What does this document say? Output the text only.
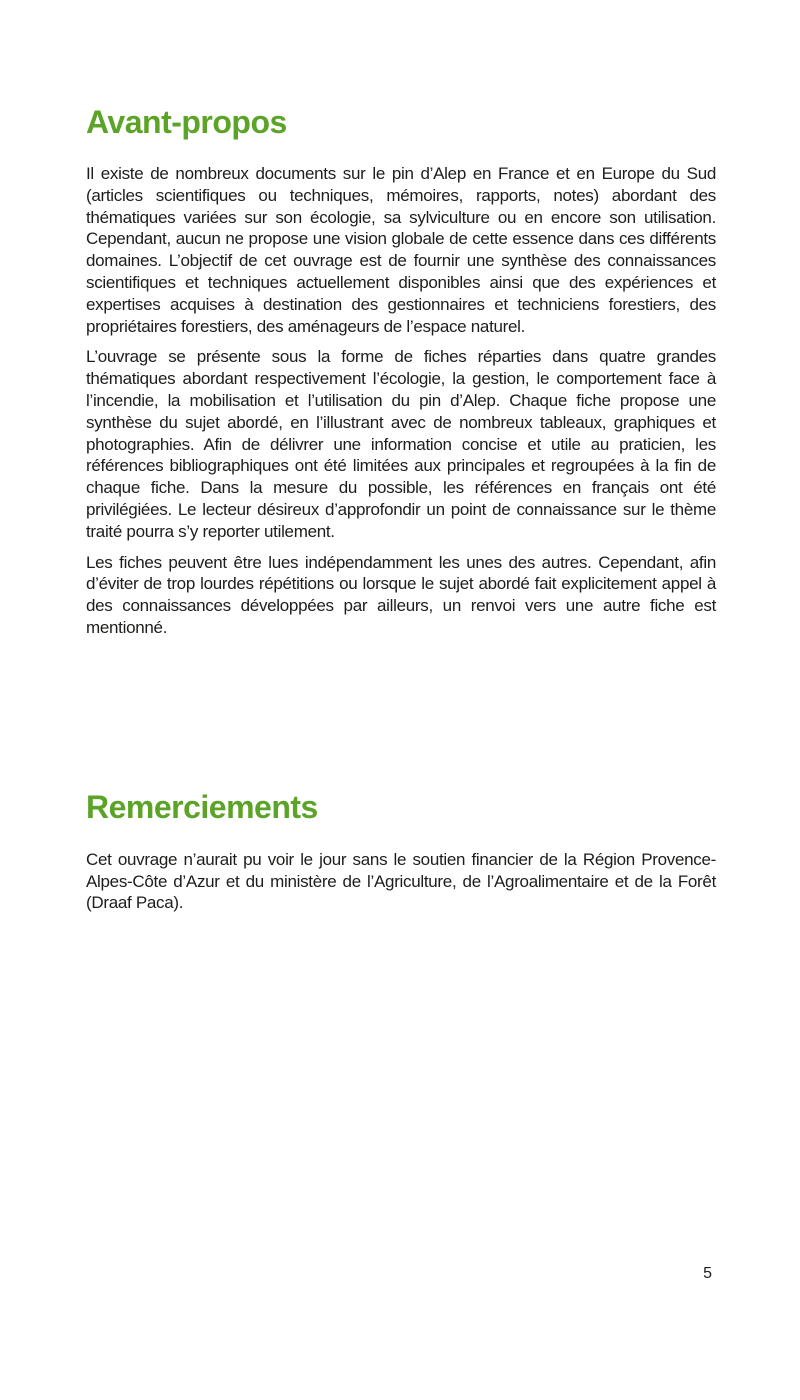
Avant-propos

Il existe de nombreux documents sur le pin d’Alep en France et en Europe du Sud (articles scientifiques ou techniques, mémoires, rapports, notes) abordant des thématiques variées sur son écologie, sa sylviculture ou en encore son utilisation. Cependant, aucun ne propose une vision globale de cette essence dans ces différents domaines. L’objectif de cet ouvrage est de fournir une synthèse des connaissances scientifiques et techniques actuellement disponibles ainsi que des expériences et expertises acquises à destination des gestionnaires et techniciens forestiers, des propriétaires forestiers, des aménageurs de l’espace naturel.

L’ouvrage se présente sous la forme de fiches réparties dans quatre grandes thématiques abordant respectivement l’écologie, la gestion, le comportement face à l’incendie, la mobilisation et l’utilisation du pin d’Alep. Chaque fiche propose une synthèse du sujet abordé, en l’illustrant avec de nombreux tableaux, graphiques et photographies. Afin de délivrer une information concise et utile au praticien, les références bibliographiques ont été limitées aux principales et regroupées à la fin de chaque fiche. Dans la mesure du possible, les références en français ont été privilégiées. Le lecteur désireux d’approfondir un point de connaissance sur le thème traité pourra s’y reporter utilement.

Les fiches peuvent être lues indépendamment les unes des autres. Cependant, afin d’éviter de trop lourdes répétitions ou lorsque le sujet abordé fait explicitement appel à des connaissances développées par ailleurs, un renvoi vers une autre fiche est mentionné.

Remerciements

Cet ouvrage n’aurait pu voir le jour sans le soutien financier de la Région Provence-Alpes-Côte d’Azur et du ministère de l’Agriculture, de l’Agroalimentaire et de la Forêt (Draaf Paca).

5
